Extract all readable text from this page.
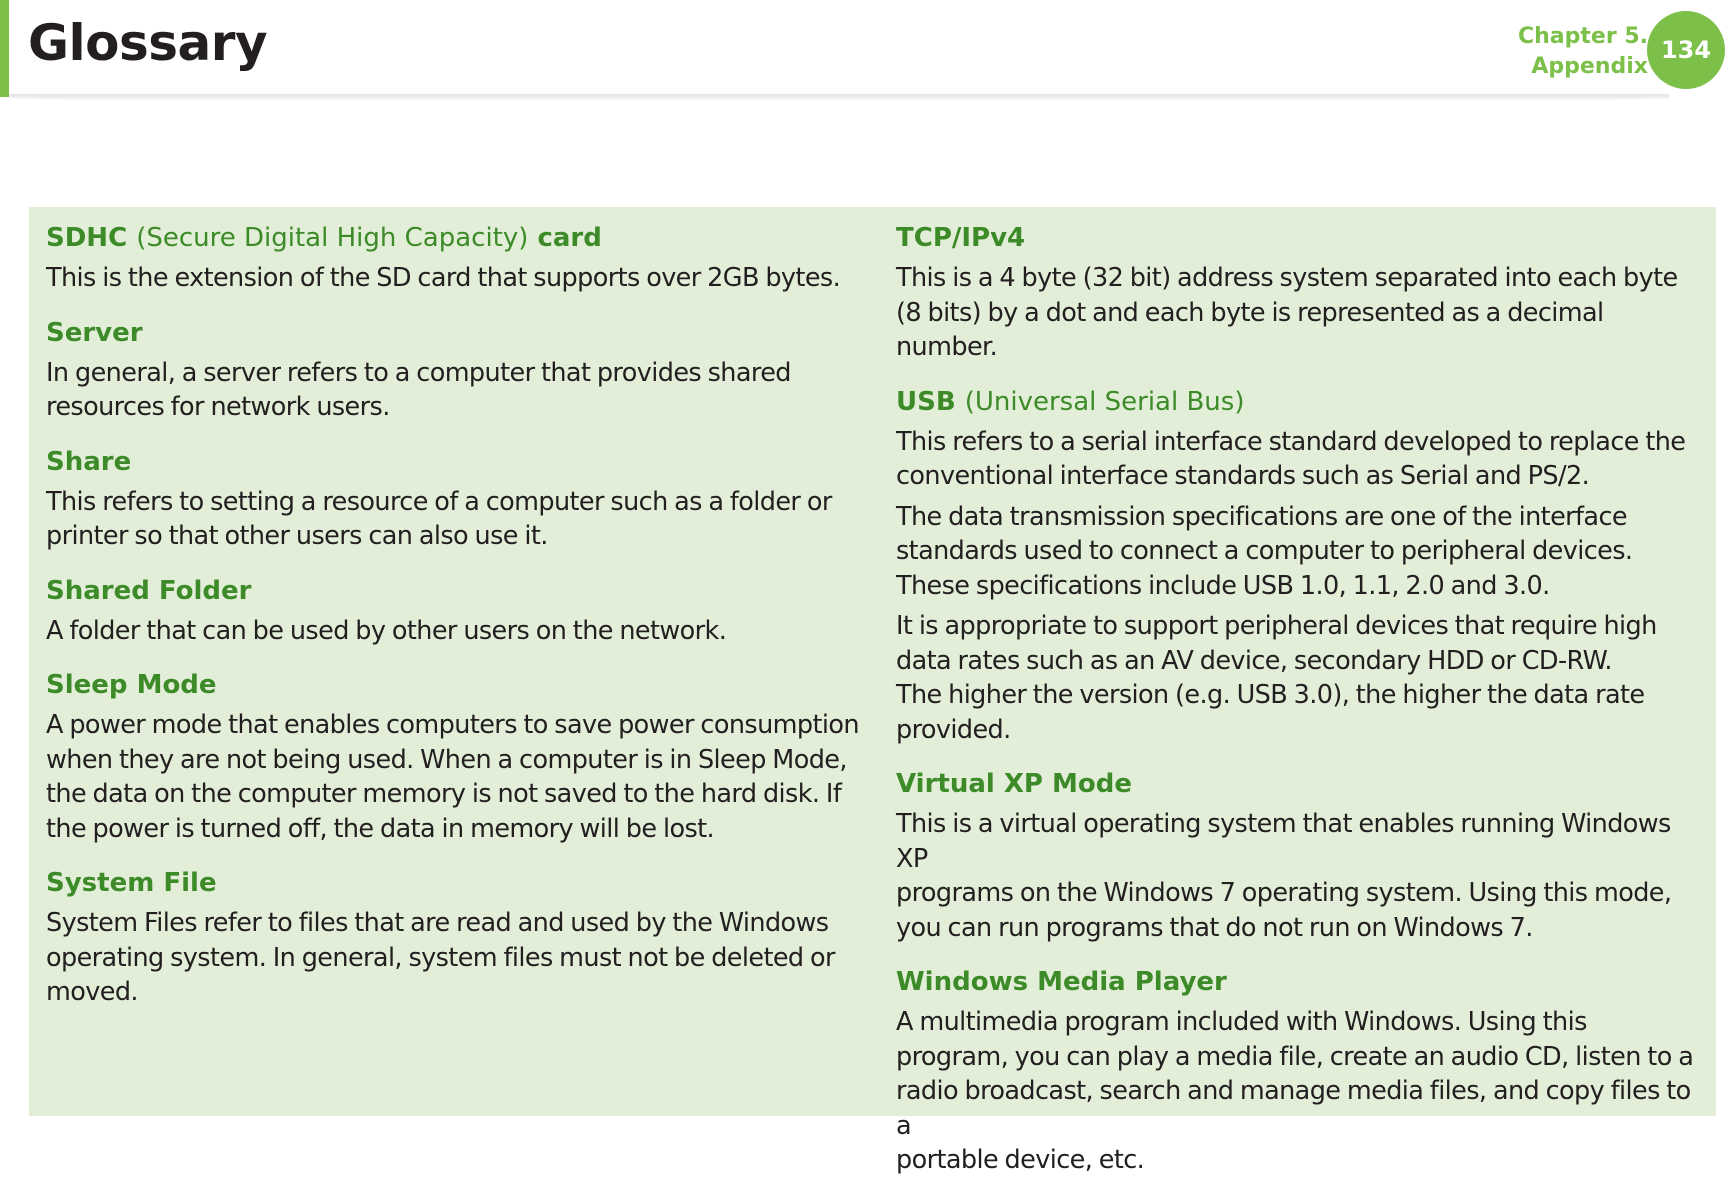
Glossary	Chapter 5.
Appendix
134
SDHC (Secure Digital High Capacity) card
This is the extension of the SD card that supports over 2GB bytes.
Server
In general, a server refers to a computer that provides shared
resources for network users.
Share
This refers to setting a resource of a computer such as a folder or
printer so that other users can also use it.
Shared Folder
A folder that can be used by other users on the network.
Sleep Mode
A power mode that enables computers to save power consumption
when they are not being used. When a computer is in Sleep Mode,
the data on the computer memory is not saved to the hard disk. If
the power is turned off, the data in memory will be lost.
System File
System Files refer to files that are read and used by the Windows
operating system. In general, system files must not be deleted or
moved.
TCP/IPv4
This is a 4 byte (32 bit) address system separated into each byte
(8 bits) by a dot and each byte is represented as a decimal number.
USB (Universal Serial Bus)
This refers to a serial interface standard developed to replace the
conventional interface standards such as Serial and PS/2.
The data transmission specifications are one of the interface
standards used to connect a computer to peripheral devices.
These specifications include USB 1.0, 1.1, 2.0 and 3.0.
It is appropriate to support peripheral devices that require high
data rates such as an AV device, secondary HDD or CD-RW.
The higher the version (e.g. USB 3.0), the higher the data rate
provided.
Virtual XP Mode
This is a virtual operating system that enables running Windows XP
programs on the Windows 7 operating system. Using this mode,
you can run programs that do not run on Windows 7.
Windows Media Player
A multimedia program included with Windows. Using this
program, you can play a media file, create an audio CD, listen to a
radio broadcast, search and manage media files, and copy files to a
portable device, etc.
